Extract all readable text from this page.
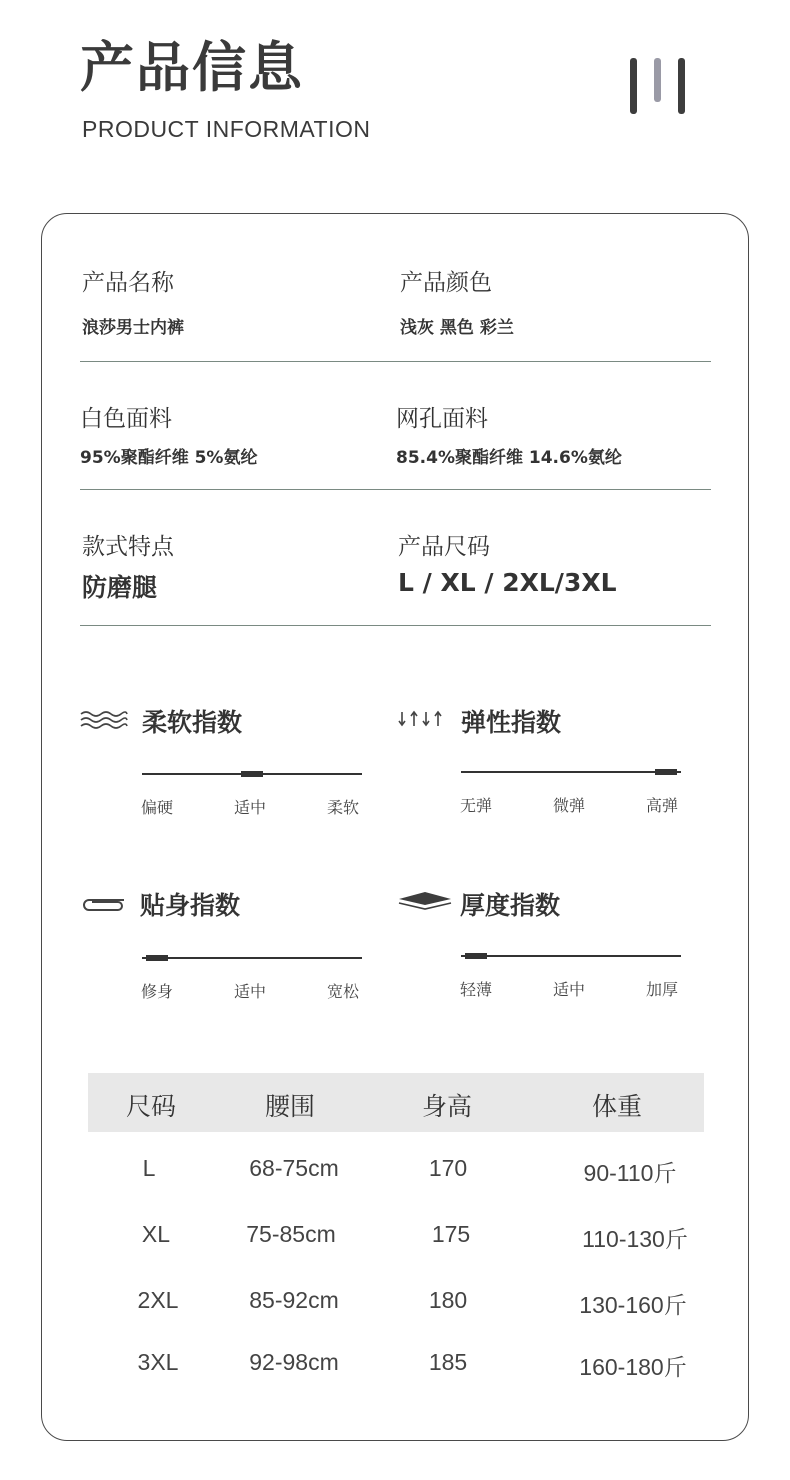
产品信息
PRODUCT INFORMATION
产品名称
浪莎男士内裤
产品颜色
浅灰 黑色 彩兰
白色面料
95%聚酯纤维 5%氨纶
网孔面料
85.4%聚酯纤维 14.6%氨纶
款式特点
防磨腿
产品尺码
L / XL / 2XL/3XL
柔软指数
偏硬	适中	柔软
弹性指数
无弹	微弹	高弹
贴身指数
修身	适中	宽松
厚度指数
轻薄	适中	加厚
尺码	腰围	身高	体重
L	68-75cm	170	90-110斤
XL	75-85cm	175	110-130斤
2XL	85-92cm	180	130-160斤
3XL	92-98cm	185	160-180斤
